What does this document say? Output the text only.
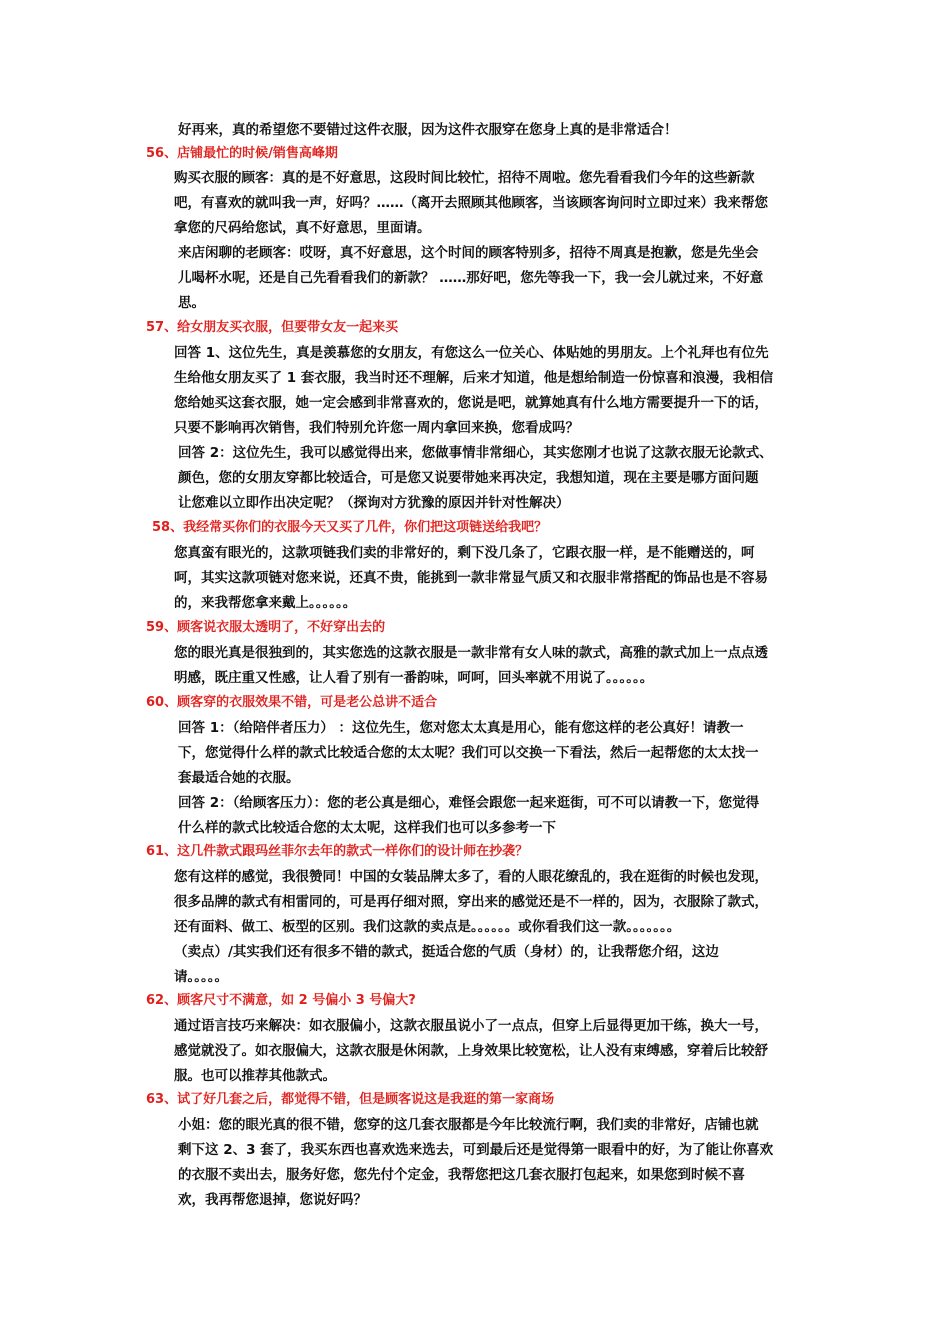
好再来，真的希望您不要错过这件衣服，因为这件衣服穿在您身上真的是非常适合！
56、店铺最忙的时候/销售高峰期
购买衣服的顾客：真的是不好意思，这段时间比较忙，招待不周啦。您先看看我们今年的这些新款
吧，有喜欢的就叫我一声，好吗？……（离开去照顾其他顾客，当该顾客询问时立即过来）我来帮您
拿您的尺码给您试，真不好意思，里面请。
来店闲聊的老顾客：哎呀，真不好意思，这个时间的顾客特别多，招待不周真是抱歉，您是先坐会
儿喝杯水呢，还是自己先看看我们的新款？ ……那好吧，您先等我一下，我一会儿就过来，不好意
思。
57、给女朋友买衣服，但要带女友一起来买
回答 1、这位先生，真是羡慕您的女朋友，有您这么一位关心、体贴她的男朋友。上个礼拜也有位先
生给他女朋友买了 1 套衣服，我当时还不理解，后来才知道，他是想给制造一份惊喜和浪漫，我相信
您给她买这套衣服，她一定会感到非常喜欢的，您说是吧，就算她真有什么地方需要提升一下的话，
只要不影响再次销售，我们特别允许您一周内拿回来换，您看成吗？
回答 2：这位先生，我可以感觉得出来，您做事情非常细心，其实您刚才也说了这款衣服无论款式、
颜色，您的女朋友穿都比较适合，可是您又说要带她来再决定，我想知道，现在主要是哪方面问题
让您难以立即作出决定呢？（探询对方犹豫的原因并针对性解决）
58、我经常买你们的衣服今天又买了几件，你们把这项链送给我吧？
您真蛮有眼光的，这款项链我们卖的非常好的，剩下没几条了，它跟衣服一样，是不能赠送的，呵
呵，其实这款项链对您来说，还真不贵，能挑到一款非常显气质又和衣服非常搭配的饰品也是不容易
的，来我帮您拿来戴上。。。。。。
59、顾客说衣服太透明了，不好穿出去的
您的眼光真是很独到的，其实您选的这款衣服是一款非常有女人味的款式，高雅的款式加上一点点透
明感，既庄重又性感，让人看了别有一番韵味，呵呵，回头率就不用说了。。。。。。
60、顾客穿的衣服效果不错，可是老公总讲不适合
回答 1：（给陪伴者压力） ：这位先生，您对您太太真是用心，能有您这样的老公真好！请教一
下，您觉得什么样的款式比较适合您的太太呢？我们可以交换一下看法，然后一起帮您的太太找一
套最适合她的衣服。
回答 2：（给顾客压力）：您的老公真是细心，难怪会跟您一起来逛街，可不可以请教一下，您觉得
什么样的款式比较适合您的太太呢，这样我们也可以多参考一下
61、这几件款式跟玛丝菲尔去年的款式一样你们的设计师在抄袭？
您有这样的感觉，我很赞同！中国的女装品牌太多了，看的人眼花缭乱的，我在逛街的时候也发现，
很多品牌的款式有相雷同的，可是再仔细对照，穿出来的感觉还是不一样的，因为，衣服除了款式，
还有面料、做工、板型的区别。我们这款的卖点是。。。。。。或你看我们这一款。。。。。。。
（卖点）/其实我们还有很多不错的款式，挺适合您的气质（身材）的，让我帮您介绍，这边
请。。。。。
62、顾客尺寸不满意，如 2 号偏小 3 号偏大?
通过语言技巧来解决：如衣服偏小，这款衣服虽说小了一点点，但穿上后显得更加干练，换大一号，
感觉就没了。如衣服偏大，这款衣服是休闲款，上身效果比较宽松，让人没有束缚感，穿着后比较舒
服。也可以推荐其他款式。
63、试了好几套之后，都觉得不错，但是顾客说这是我逛的第一家商场
小姐：您的眼光真的很不错，您穿的这几套衣服都是今年比较流行啊，我们卖的非常好，店铺也就
剩下这 2、3 套了，我买东西也喜欢选来选去，可到最后还是觉得第一眼看中的好，为了能让你喜欢
的衣服不卖出去，服务好您，您先付个定金，我帮您把这几套衣服打包起来，如果您到时候不喜
欢，我再帮您退掉，您说好吗？
